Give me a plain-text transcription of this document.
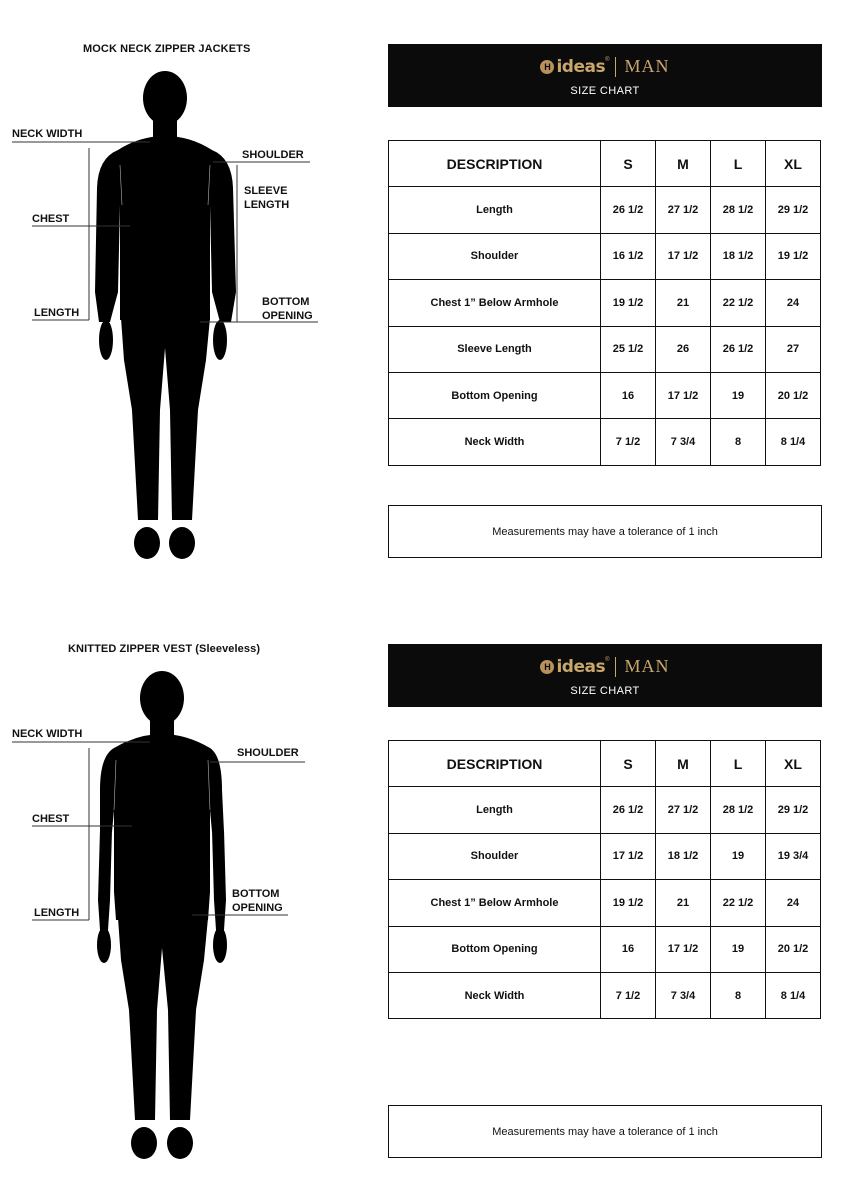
MOCK NECK ZIPPER JACKETS
NECK WIDTH
SHOULDER
SLEEVE
LENGTH
CHEST
LENGTH
BOTTOM
OPENING
H ideas ® MAN
SIZE CHART
DESCRIPTION	S	M	L	XL
Length	26 1/2	27 1/2	28 1/2	29 1/2
Shoulder	16 1/2	17 1/2	18 1/2	19 1/2
Chest 1” Below Armhole	19 1/2	21	22 1/2	24
Sleeve Length	25 1/2	26	26 1/2	27
Bottom Opening	16	17 1/2	19	20 1/2
Neck Width	7 1/2	7 3/4	8	8 1/4
Measurements may have a tolerance of 1 inch
KNITTED ZIPPER VEST (Sleeveless)
NECK WIDTH
SHOULDER
CHEST
LENGTH
BOTTOM
OPENING
H ideas ® MAN
SIZE CHART
DESCRIPTION	S	M	L	XL
Length	26 1/2	27 1/2	28 1/2	29 1/2
Shoulder	17 1/2	18 1/2	19	19 3/4
Chest 1” Below Armhole	19 1/2	21	22 1/2	24
Bottom Opening	16	17 1/2	19	20 1/2
Neck Width	7 1/2	7 3/4	8	8 1/4
Measurements may have a tolerance of 1 inch
